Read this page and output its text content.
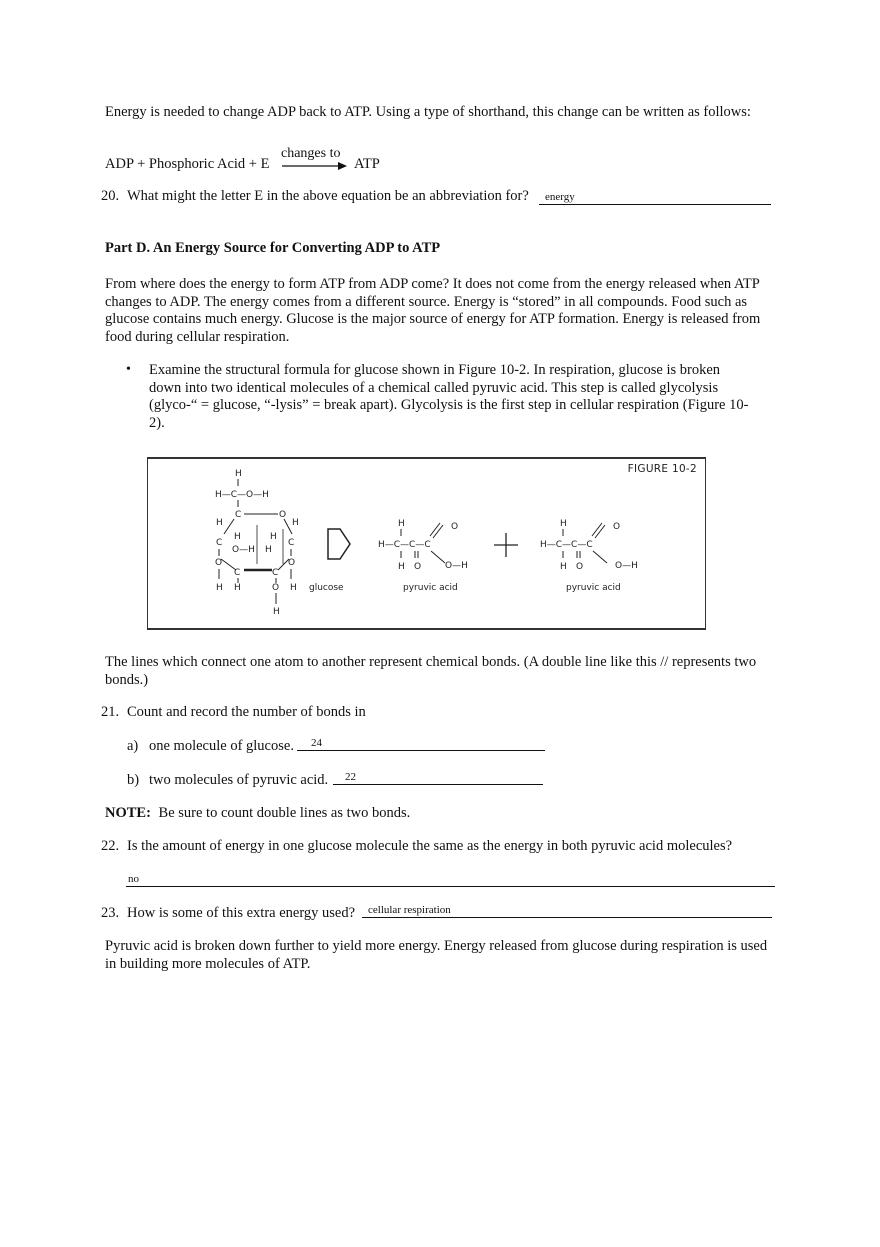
Energy is needed to change ADP back to ATP. Using a type of shorthand, this change can be written as follows:
ADP + Phosphoric Acid + E
changes to
ATP
20. What might the letter E in the above equation be an abbreviation for? energy
Part D. An Energy Source for Converting ADP to ATP
From where does the energy to form ATP from ADP come? It does not come from the energy released when ATP changes to ADP. The energy comes from a different source. Energy is “stored” in all compounds. Food such as glucose contains much energy. Glucose is the major source of energy for ATP formation. Energy is released from food during cellular respiration.
• Examine the structural formula for glucose shown in Figure 10-2. In respiration, glucose is broken down into two identical molecules of a chemical called pyruvic acid. This step is called glycolysis (glyco-“ = glucose, “-lysis” = break apart). Glycolysis is the first step in cellular respiration (Figure 10-2).
H
H—C—O—H
C	O
H	H
H	H
C	C
O—H H
O	O
C	C
H H	O H
H
glucose
H
H—C—C—C
O
O—H
H O
pyruvic acid
H
H—C—C—C
O
O—H
H O
pyruvic acid
FIGURE 10-2
The lines which connect one atom to another represent chemical bonds. (A double line like this // represents two bonds.)
21. Count and record the number of bonds in
a) one molecule of glucose. 24
b) two molecules of pyruvic acid. 22
NOTE: Be sure to count double lines as two bonds.
22. Is the amount of energy in one glucose molecule the same as the energy in both pyruvic acid molecules?
no
23. How is some of this extra energy used? cellular respiration
Pyruvic acid is broken down further to yield more energy. Energy released from glucose during respiration is used in building more molecules of ATP.
